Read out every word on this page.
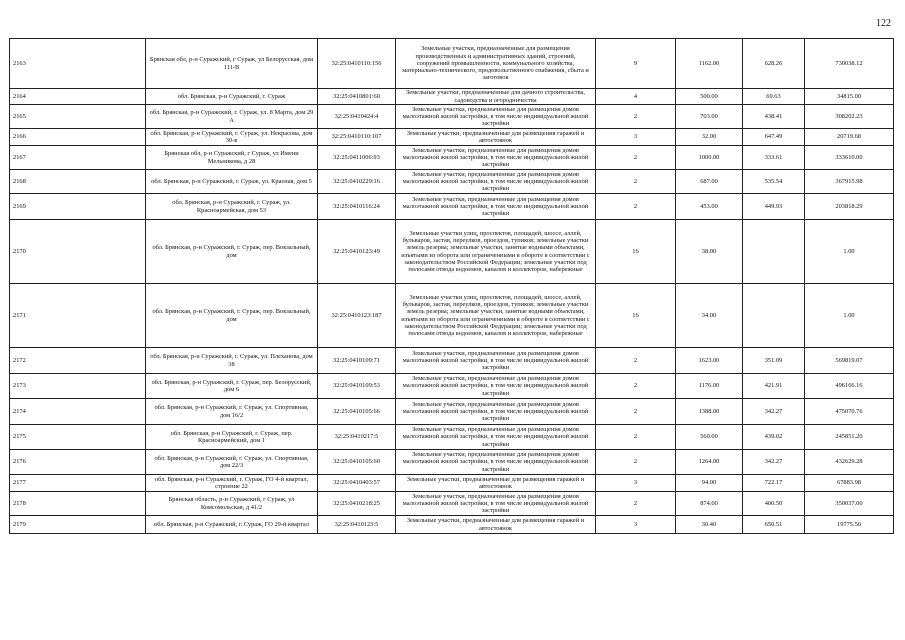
122
2163	Брянская обл, р-н Суражский, г Сураж, ул Белорусская, дом 111-В	32:25:0410110:156	Земельные участки, предназначенные для размещения производственных и административных зданий, строений, сооружений промышленности, коммунального хозяйства, материально-технического, продовольственного снабжения, сбыта и заготовок	9	1162.00	628.26	730038.12
2164	обл. Брянская, р-н Суражский, г. Сураж	32:25:0410801:60	Земельные участки, предназначенные для дачного строительства, садоводства и огородничества	4	500.00	69.63	34815.00
2165	обл. Брянская, р-н Суражский, г. Сураж, ул. 8 Марта, дом 29 А	32:25:0410424:4	Земельные участки, предназначенные для размещения домов малоэтажной жилой застройки, в том числе индивидуальной жилой застройки	2	703.00	438.41	308202.23
2166	обл. Брянская, р-н Суражский, г. Сураж, ул. Некрасова, дом 30-в	32:25:0410110:107	Земельные участки, предназначенные для размещения гаражей и автостоянок	3	32.00	647.49	20719.68
2167	Брянская обл, р-н Суражский, г Сураж, ул Имени Мельникова, д 28	32:25:0411006:93	Земельные участки, предназначенные для размещения домов малоэтажной жилой застройки, в том числе индивидуальной жилой застройки	2	1000.00	333.61	333610.00
2168	обл. Брянская, р-н Суражский, г. Сураж, ул. Красная, дом 5	32:25:0410229:16	Земельные участки, предназначенные для размещения домов малоэтажной жилой застройки, в том числе индивидуальной жилой застройки	2	687.00	535.54	367915.98
2169	обл. Брянская, р-н Суражский, г. Сураж, ул. Красноармейская, дом 53	32:25:0410116:24	Земельные участки, предназначенные для размещения домов малоэтажной жилой застройки, в том числе индивидуальной жилой застройки	2	453.00	449.93	203818.29
2170	обл. Брянская, р-н Суражский, г. Сураж, пер. Вокзальный, дом	32:25:0410123:49	Земельные участки улиц, проспектов, площадей, шоссе, аллей, бульваров, застав, переулков, проездов, тупиков; земельные участки земель резерва; земельные участки, занятые водными объектами, изъятыми из оборота или ограниченными в обороте в соответствии с законодательством Российской Федерации; земельные участки под полосами отвода водоемов, каналов и коллекторов, набережные	16	38.00		1.00
2171	обл. Брянская, р-н Суражский, г. Сураж, пер. Вокзальный, дом	32:25:0410123:187	Земельные участки улиц, проспектов, площадей, шоссе, аллей, бульваров, застав, переулков, проездов, тупиков; земельные участки земель резерва; земельные участки, занятые водными объектами, изъятыми из оборота или ограниченными в обороте в соответствии с законодательством Российской Федерации; земельные участки под полосами отвода водоемов, каналов и коллекторов, набережные	16	34.00		1.00
2172	обл. Брянская, р-н Суражский, г. Сураж, ул. Плеханова, дом 38	32:25:0410109:71	Земельные участки, предназначенные для размещения домов малоэтажной жилой застройки, в том числе индивидуальной жилой застройки	2	1623.00	351.09	569819.07
2173	обл. Брянская, р-н Суражский, г. Сураж, пер. Белорусский, дом 6	32:25:0410109:53	Земельные участки, предназначенные для размещения домов малоэтажной жилой застройки, в том числе индивидуальной жилой застройки	2	1176.00	421.91	496166.16
2174	обл. Брянская, р-н Суражский, г. Сураж, ул. Спортивная, дом 16/2	32:25:0410105:66	Земельные участки, предназначенные для размещения домов малоэтажной жилой застройки, в том числе индивидуальной жилой застройки	2	1388.00	342.27	475070.76
2175	обл. Брянская, р-н Суражский, г. Сураж, пер. Красноармейский, дом 1	32:25:0410217:5	Земельные участки, предназначенные для размещения домов малоэтажной жилой застройки, в том числе индивидуальной жилой застройки	2	560.00	439.02	245851.20
2176	обл. Брянская, р-н Суражский, г. Сураж, ул. Спортивная, дом 22/3	32:25:0410105:60	Земельные участки, предназначенные для размещения домов малоэтажной жилой застройки, в том числе индивидуальной жилой застройки	2	1264.00	342.27	432629.28
2177	обл. Брянская, р-н Суражский, г. Сураж, ГО 4-й квартал, строение 22	32:25:0410403:57	Земельные участки, предназначенные для размещения гаражей и автостоянок	3	94.00	722.17	67883.98
2178	Брянская область, р-н Суражский, г Сураж, ул Комсомольская, д 41/2	32:25:0410218:25	Земельные участки, предназначенные для размещения домов малоэтажной жилой застройки, в том числе индивидуальной жилой застройки	2	874.00	400.50	350037.00
2179	обл. Брянская, р-н Суражский, г. Сураж, ГО 29-й квартал	32:25:0410123:5	Земельные участки, предназначенные для размещения гаражей и автостоянок	3	30.40	650.51	19775.50
